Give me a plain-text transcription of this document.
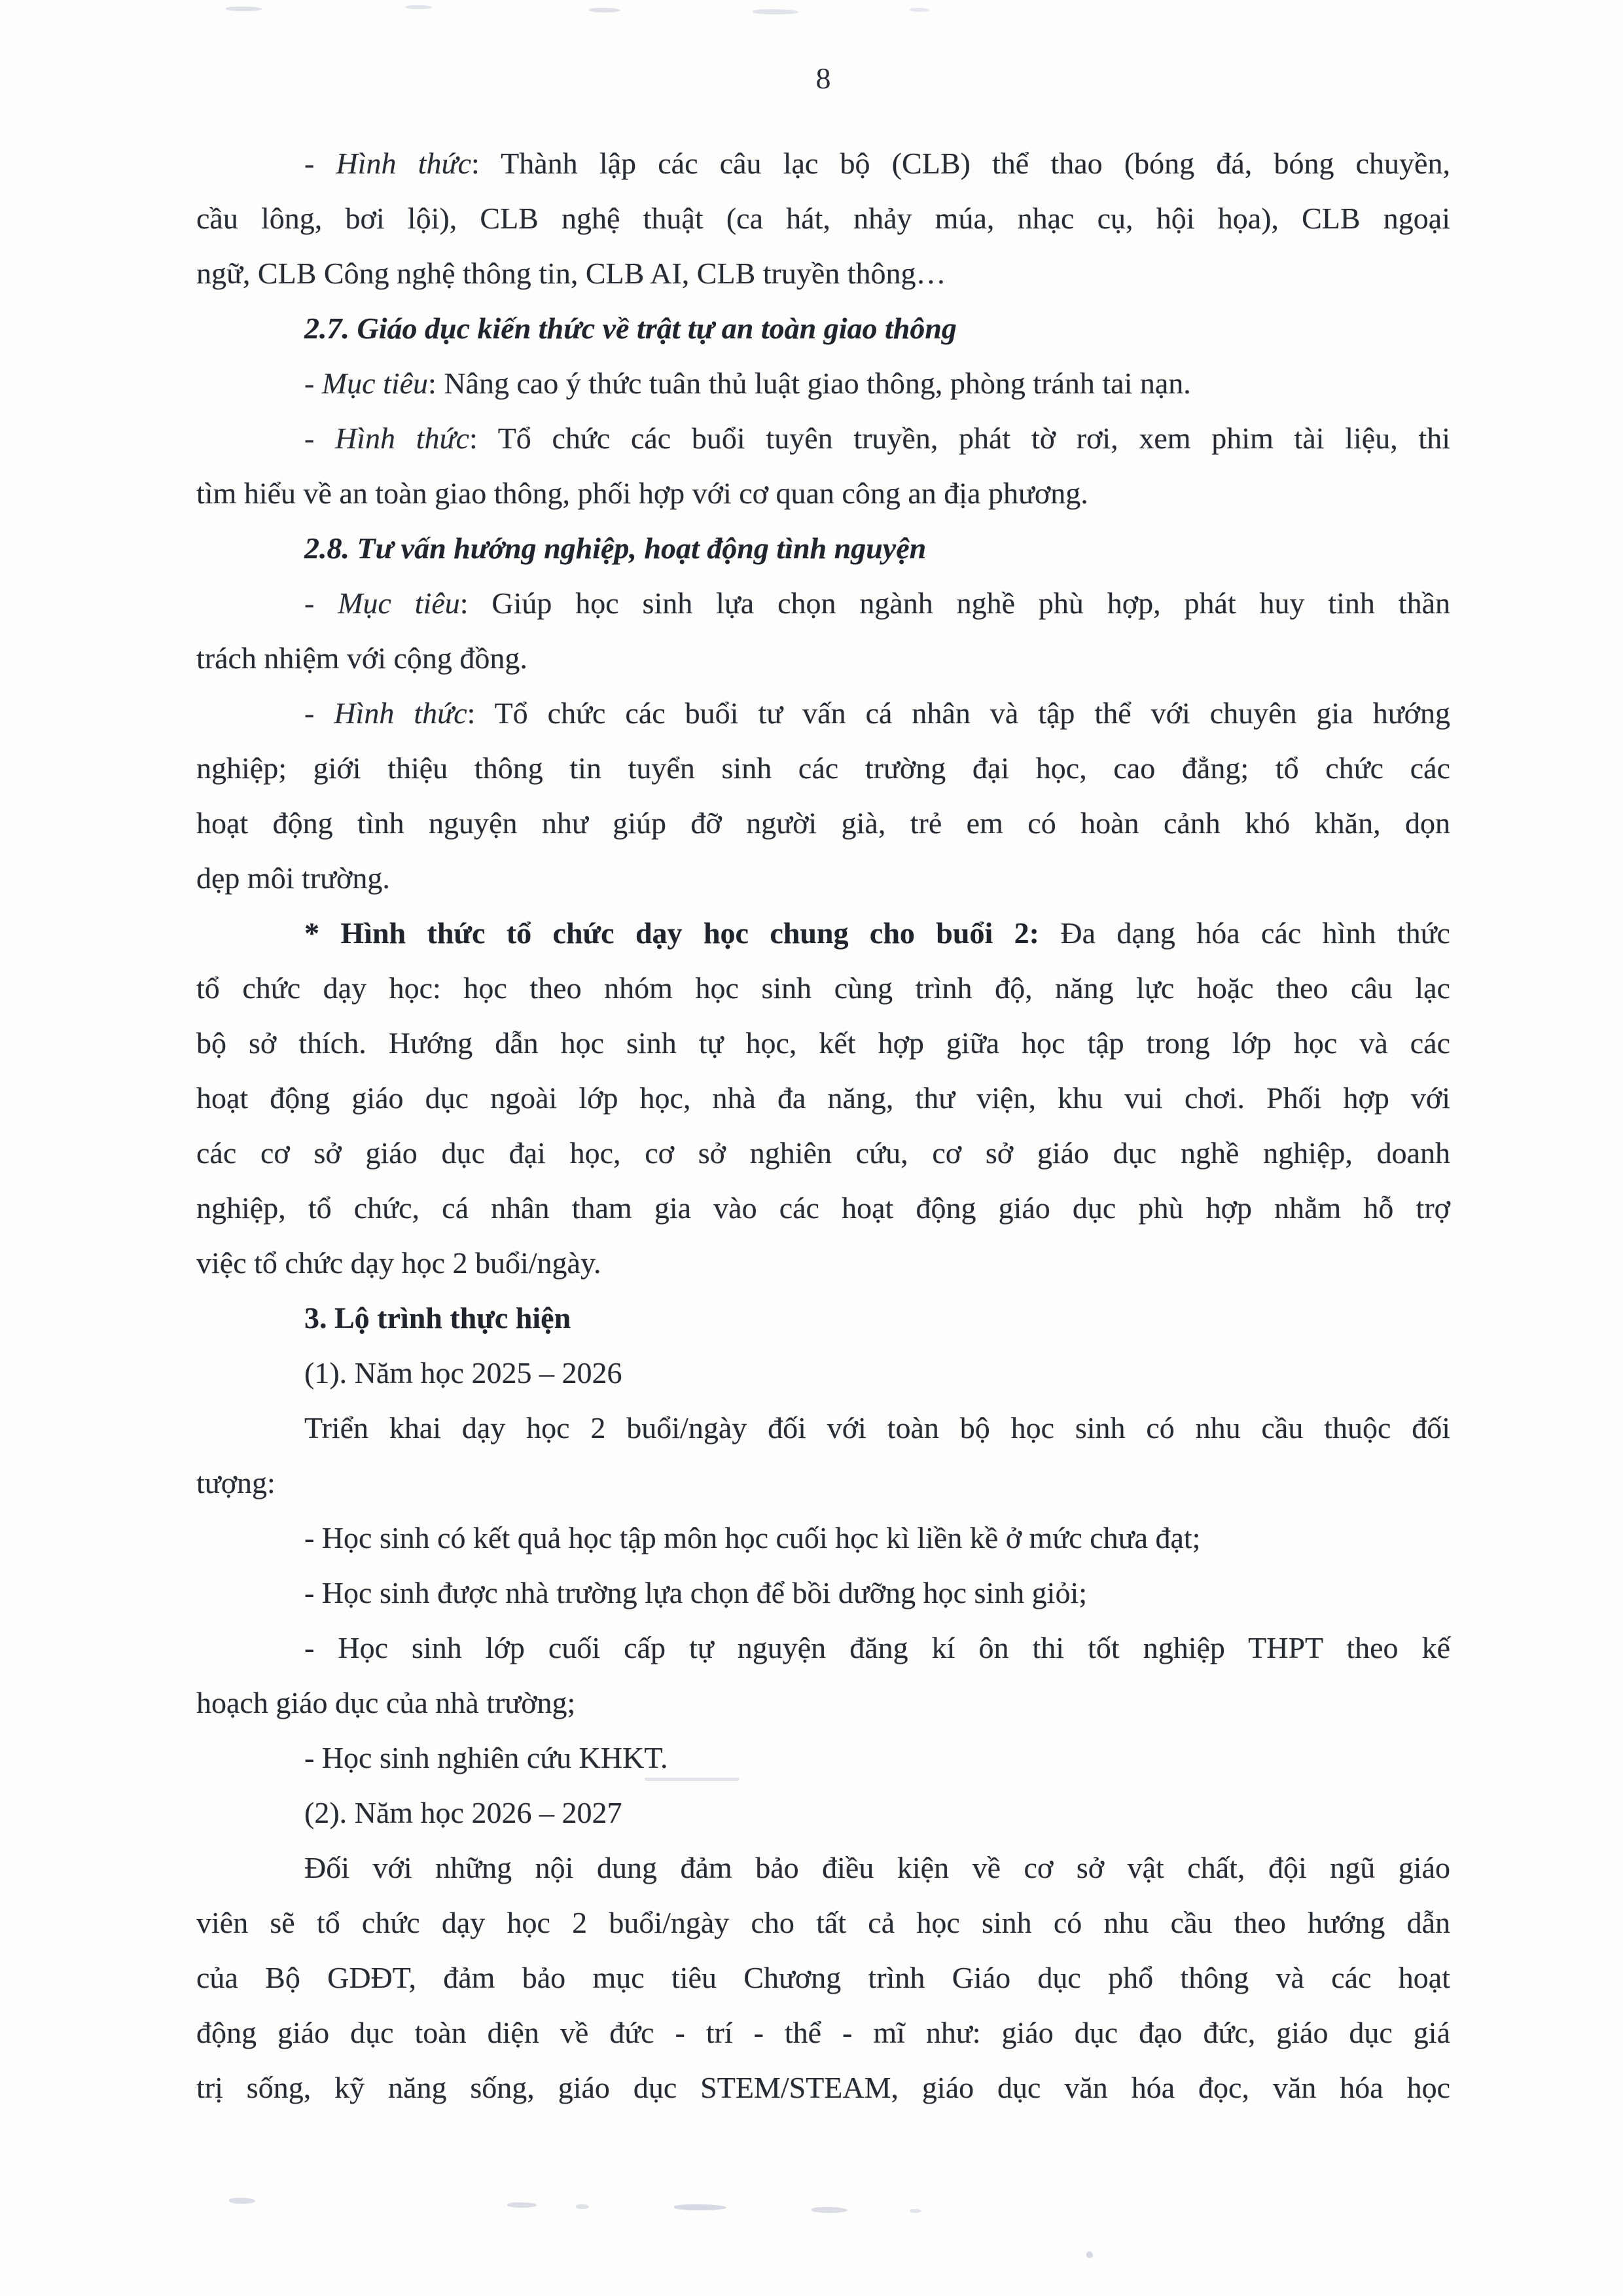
8
- Hình thức: Thành lập các câu lạc bộ (CLB) thể thao (bóng đá, bóng chuyền,
cầu lông, bơi lội), CLB nghệ thuật (ca hát, nhảy múa, nhạc cụ, hội họa), CLB ngoại
ngữ, CLB Công nghệ thông tin, CLB AI, CLB truyền thông…
2.7. Giáo dục kiến thức về trật tự an toàn giao thông
- Mục tiêu: Nâng cao ý thức tuân thủ luật giao thông, phòng tránh tai nạn.
- Hình thức: Tổ chức các buổi tuyên truyền, phát tờ rơi, xem phim tài liệu, thi
tìm hiểu về an toàn giao thông, phối hợp với cơ quan công an địa phương.
2.8. Tư vấn hướng nghiệp, hoạt động tình nguyện
- Mục tiêu: Giúp học sinh lựa chọn ngành nghề phù hợp, phát huy tinh thần
trách nhiệm với cộng đồng.
- Hình thức: Tổ chức các buổi tư vấn cá nhân và tập thể với chuyên gia hướng
nghiệp; giới thiệu thông tin tuyển sinh các trường đại học, cao đẳng; tổ chức các
hoạt động tình nguyện như giúp đỡ người già, trẻ em có hoàn cảnh khó khăn, dọn
dẹp môi trường.
* Hình thức tổ chức dạy học chung cho buổi 2: Đa dạng hóa các hình thức
tổ chức dạy học: học theo nhóm học sinh cùng trình độ, năng lực hoặc theo câu lạc
bộ sở thích. Hướng dẫn học sinh tự học, kết hợp giữa học tập trong lớp học và các
hoạt động giáo dục ngoài lớp học, nhà đa năng, thư viện, khu vui chơi. Phối hợp với
các cơ sở giáo dục đại học, cơ sở nghiên cứu, cơ sở giáo dục nghề nghiệp, doanh
nghiệp, tổ chức, cá nhân tham gia vào các hoạt động giáo dục phù hợp nhằm hỗ trợ
việc tổ chức dạy học 2 buổi/ngày.
3. Lộ trình thực hiện
(1). Năm học 2025 – 2026
Triển khai dạy học 2 buổi/ngày đối với toàn bộ học sinh có nhu cầu thuộc đối
tượng:
- Học sinh có kết quả học tập môn học cuối học kì liền kề ở mức chưa đạt;
- Học sinh được nhà trường lựa chọn để bồi dưỡng học sinh giỏi;
- Học sinh lớp cuối cấp tự nguyện đăng kí ôn thi tốt nghiệp THPT theo kế
hoạch giáo dục của nhà trường;
- Học sinh nghiên cứu KHKT.
(2). Năm học 2026 – 2027
Đối với những nội dung đảm bảo điều kiện về cơ sở vật chất, đội ngũ giáo
viên sẽ tổ chức dạy học 2 buổi/ngày cho tất cả học sinh có nhu cầu theo hướng dẫn
của Bộ GDĐT, đảm bảo mục tiêu Chương trình Giáo dục phổ thông và các hoạt
động giáo dục toàn diện về đức - trí - thể - mĩ như: giáo dục đạo đức, giáo dục giá
trị sống, kỹ năng sống, giáo dục STEM/STEAM, giáo dục văn hóa đọc, văn hóa học
